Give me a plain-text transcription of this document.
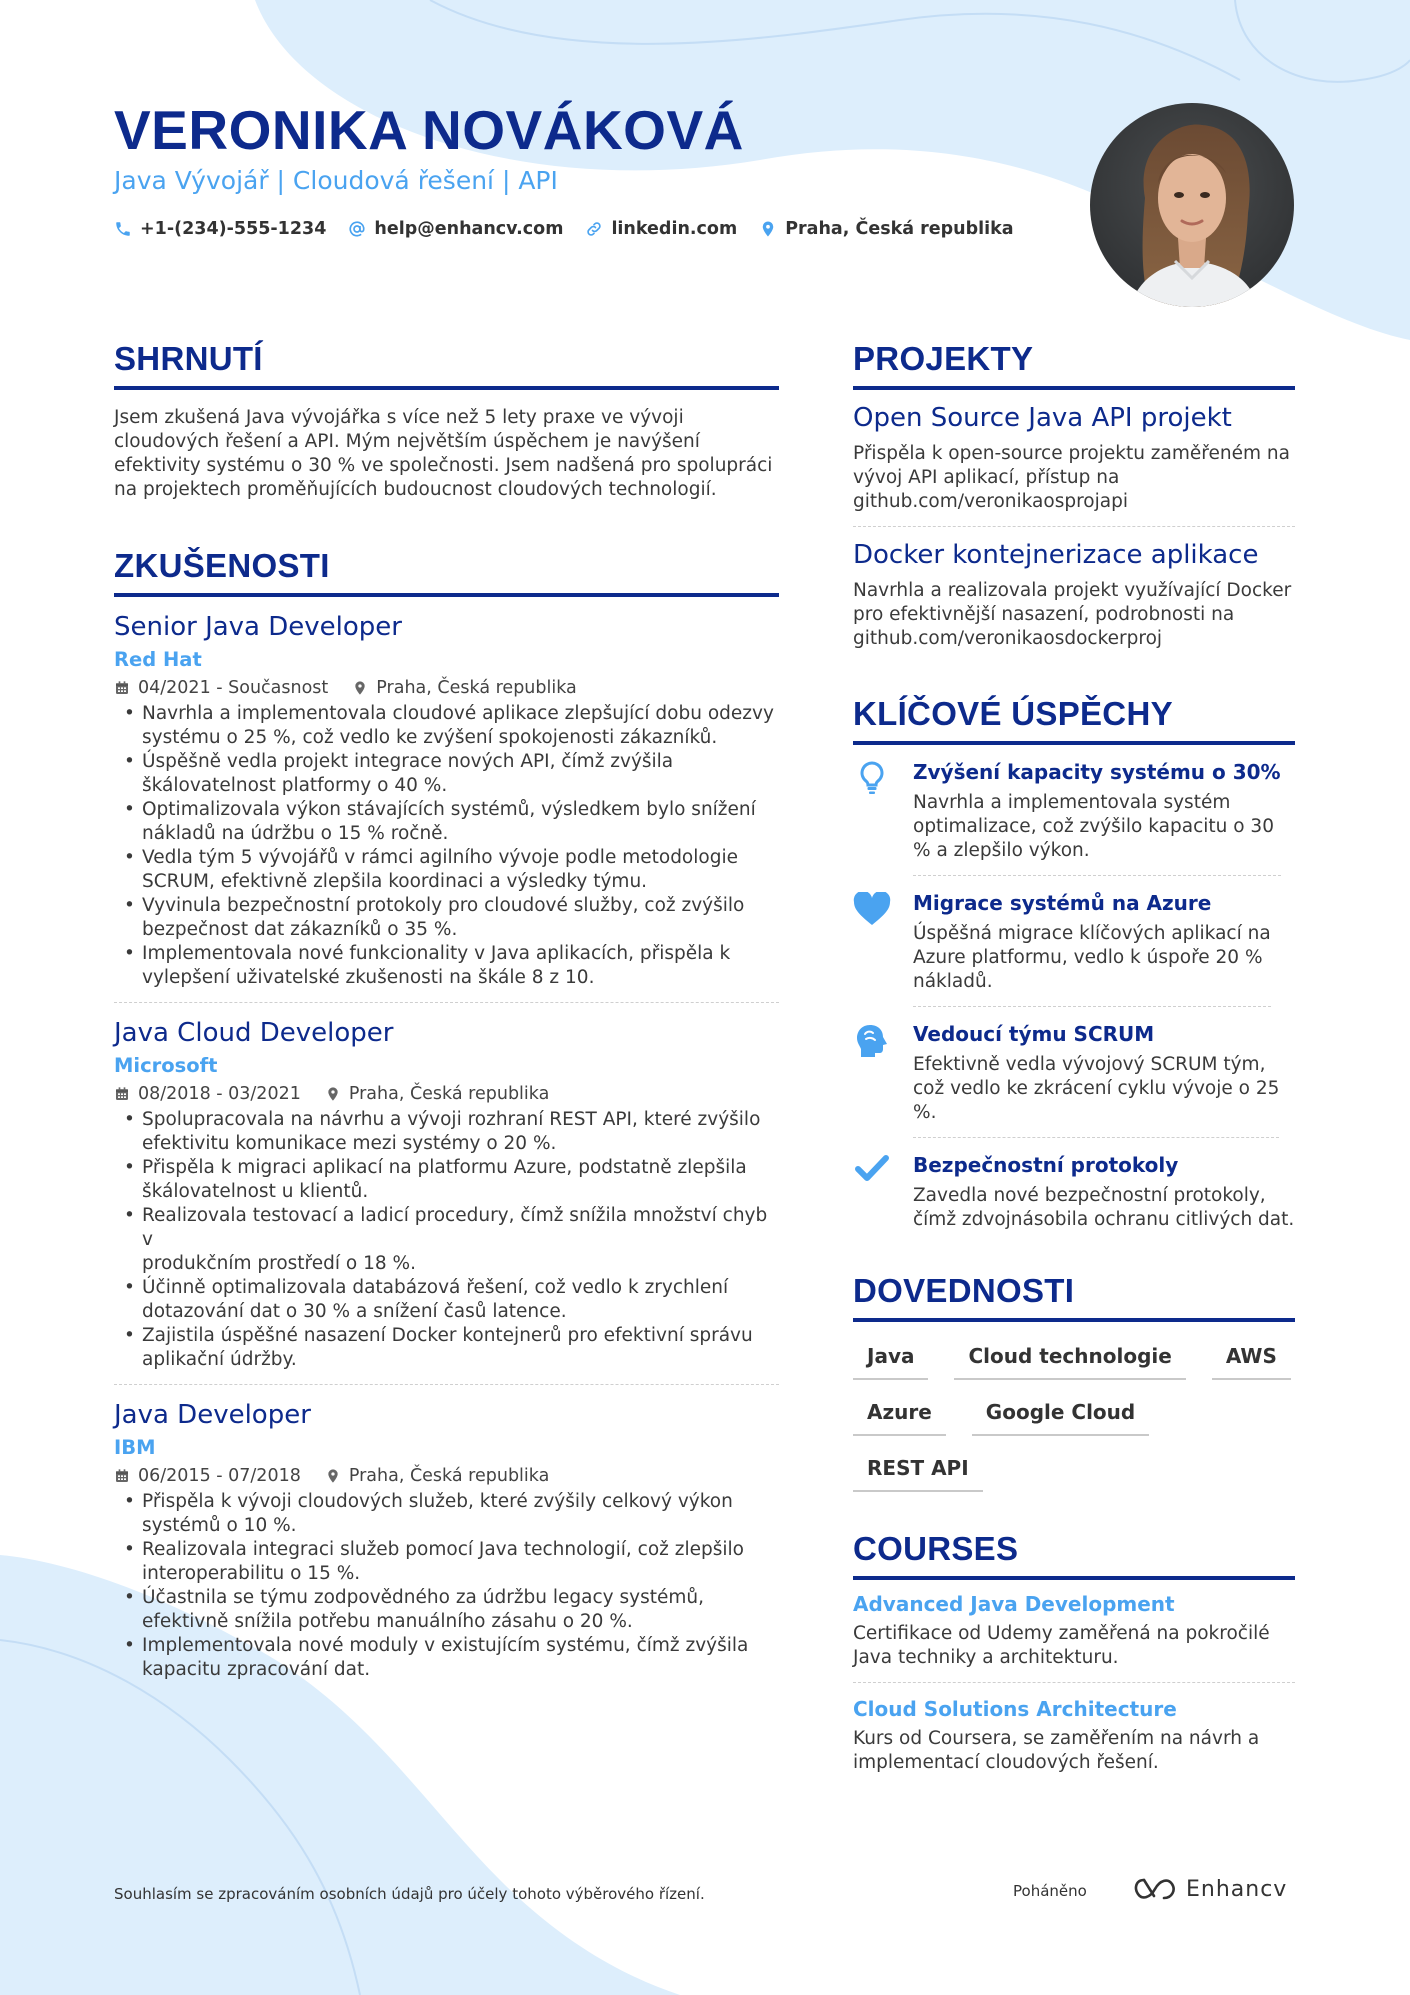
VERONIKA NOVÁKOVÁ
Java Vývojář | Cloudová řešení | API
+1-(234)-555-1234	help@enhancv.com	linkedin.com	Praha, Česká republika
SHRNUTÍ
Jsem zkušená Java vývojářka s více než 5 lety praxe ve vývoji
cloudových řešení a API. Mým největším úspěchem je navýšení
efektivity systému o 30 % ve společnosti. Jsem nadšená pro spolupráci
na projektech proměňujících budoucnost cloudových technologií.
ZKUŠENOSTI
Senior Java Developer
Red Hat
04/2021 - Současnost	Praha, Česká republika
• Navrhla a implementovala cloudové aplikace zlepšující dobu odezvy
systému o 25 %, což vedlo ke zvýšení spokojenosti zákazníků.
• Úspěšně vedla projekt integrace nových API, čímž zvýšila
škálovatelnost platformy o 40 %.
• Optimalizovala výkon stávajících systémů, výsledkem bylo snížení
nákladů na údržbu o 15 % ročně.
• Vedla tým 5 vývojářů v rámci agilního vývoje podle metodologie
SCRUM, efektivně zlepšila koordinaci a výsledky týmu.
• Vyvinula bezpečnostní protokoly pro cloudové služby, což zvýšilo
bezpečnost dat zákazníků o 35 %.
• Implementovala nové funkcionality v Java aplikacích, přispěla k
vylepšení uživatelské zkušenosti na škále 8 z 10.
Java Cloud Developer
Microsoft
08/2018 - 03/2021	Praha, Česká republika
• Spolupracovala na návrhu a vývoji rozhraní REST API, které zvýšilo
efektivitu komunikace mezi systémy o 20 %.
• Přispěla k migraci aplikací na platformu Azure, podstatně zlepšila
škálovatelnost u klientů.
• Realizovala testovací a ladicí procedury, čímž snížila množství chyb v
produkčním prostředí o 18 %.
• Účinně optimalizovala databázová řešení, což vedlo k zrychlení
dotazování dat o 30 % a snížení časů latence.
• Zajistila úspěšné nasazení Docker kontejnerů pro efektivní správu
aplikační údržby.
Java Developer
IBM
06/2015 - 07/2018	Praha, Česká republika
• Přispěla k vývoji cloudových služeb, které zvýšily celkový výkon
systémů o 10 %.
• Realizovala integraci služeb pomocí Java technologií, což zlepšilo
interoperabilitu o 15 %.
• Účastnila se týmu zodpovědného za údržbu legacy systémů,
efektivně snížila potřebu manuálního zásahu o 20 %.
• Implementovala nové moduly v existujícím systému, čímž zvýšila
kapacitu zpracování dat.
PROJEKTY
Open Source Java API projekt
Přispěla k open-source projektu zaměřeném na
vývoj API aplikací, přístup na
github.com/veronikaosprojapi
Docker kontejnerizace aplikace
Navrhla a realizovala projekt využívající Docker
pro efektivnější nasazení, podrobnosti na
github.com/veronikaosdockerproj
KLÍČOVÉ ÚSPĚCHY
Zvýšení kapacity systému o 30%
Navrhla a implementovala systém
optimalizace, což zvýšilo kapacitu o 30
% a zlepšilo výkon.
Migrace systémů na Azure
Úspěšná migrace klíčových aplikací na
Azure platformu, vedlo k úspoře 20 %
nákladů.
Vedoucí týmu SCRUM
Efektivně vedla vývojový SCRUM tým,
což vedlo ke zkrácení cyklu vývoje o 25
%.
Bezpečnostní protokoly
Zavedla nové bezpečnostní protokoly,
čímž zdvojnásobila ochranu citlivých dat.
DOVEDNOSTI
Java	Cloud technologie	AWS
Azure	Google Cloud
REST API
COURSES
Advanced Java Development
Certifikace od Udemy zaměřená na pokročilé
Java techniky a architekturu.
Cloud Solutions Architecture
Kurs od Coursera, se zaměřením na návrh a
implementací cloudových řešení.
Souhlasím se zpracováním osobních údajů pro účely tohoto výběrového řízení.	Poháněno	Enhancv
